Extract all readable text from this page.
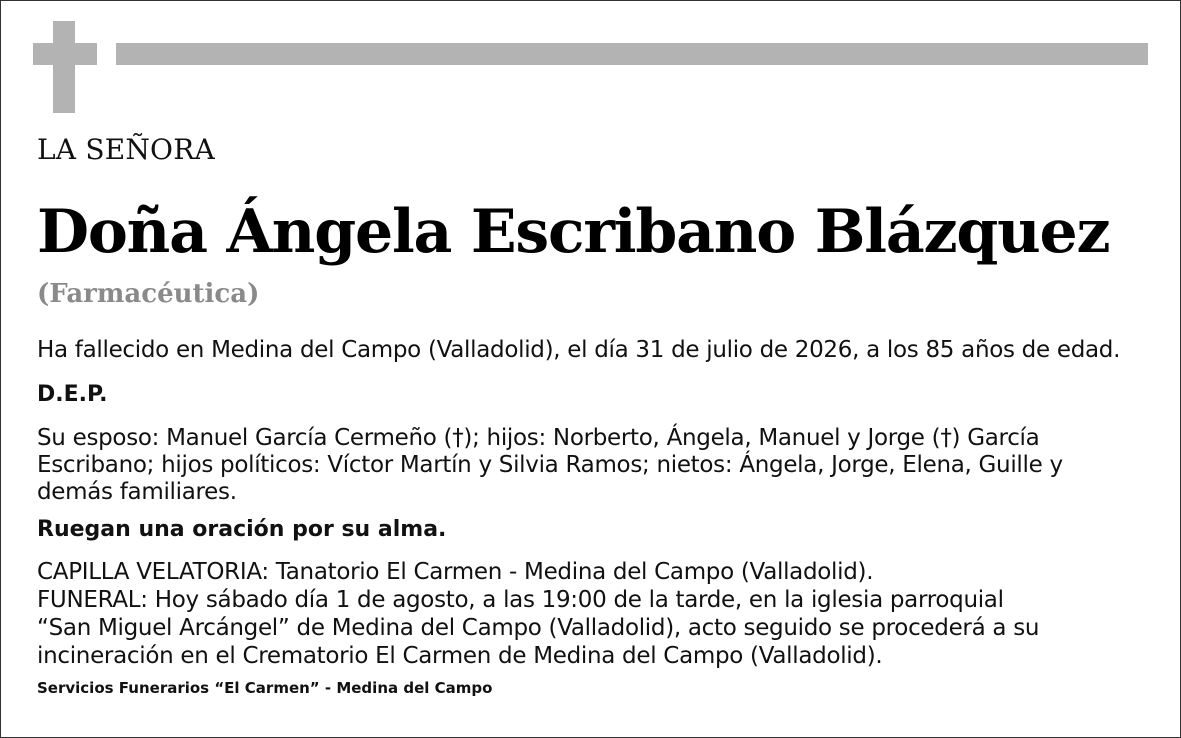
LA SEÑORA

Doña Ángela Escribano Blázquez

(Farmacéutica)

Ha fallecido en Medina del Campo (Valladolid), el día 31 de julio de 2026, a los 85 años de edad.

D.E.P.

Su esposo: Manuel García Cermeño (†); hijos: Norberto, Ángela, Manuel y Jorge (†) García
Escribano; hijos políticos: Víctor Martín y Silvia Ramos; nietos: Ángela, Jorge, Elena, Guille y
demás familiares.

Ruegan una oración por su alma.

CAPILLA VELATORIA: Tanatorio El Carmen - Medina del Campo (Valladolid).
FUNERAL: Hoy sábado día 1 de agosto, a las 19:00 de la tarde, en la iglesia parroquial
“San Miguel Arcángel” de Medina del Campo (Valladolid), acto seguido se procederá a su
incineración en el Crematorio El Carmen de Medina del Campo (Valladolid).

Servicios Funerarios “El Carmen” - Medina del Campo
